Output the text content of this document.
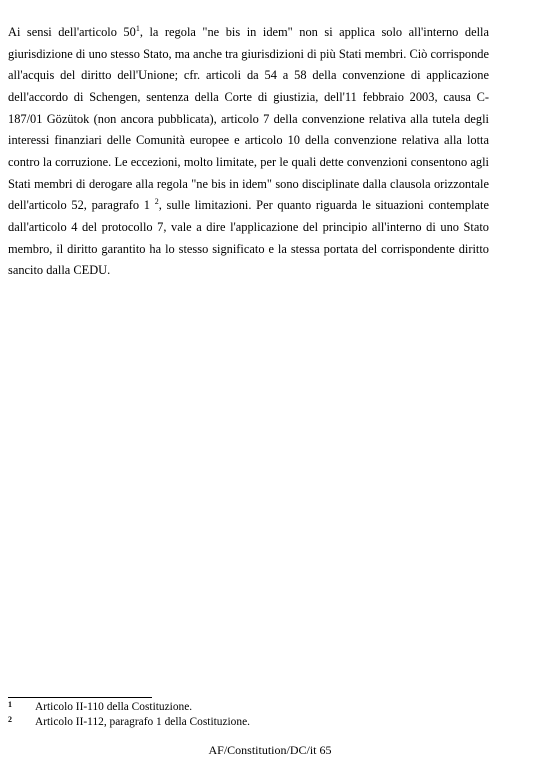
Ai sensi dell'articolo $50^1$, la regola "ne bis in idem" non si applica solo all'interno della giurisdizione di uno stesso Stato, ma anche tra giurisdizioni di più Stati membri. Ciò corrisponde all'acquis del diritto dell'Unione; cfr. articoli da 54 a 58 della convenzione di applicazione dell'accordo di Schengen, sentenza della Corte di giustizia, dell'11 febbraio 2003, causa C-187/01 Gözütok (non ancora pubblicata), articolo 7 della convenzione relativa alla tutela degli interessi finanziari delle Comunità europee e articolo 10 della convenzione relativa alla lotta contro la corruzione. Le eccezioni, molto limitate, per le quali dette convenzioni consentono agli Stati membri di derogare alla regola "ne bis in idem" sono disciplinate dalla clausola orizzontale dell'articolo 52, paragrafo 1 $^2$, sulle limitazioni. Per quanto riguarda le situazioni contemplate dall'articolo 4 del protocollo 7, vale a dire l'applicazione del principio all'interno di uno Stato membro, il diritto garantito ha lo stesso significato e la stessa portata del corrispondente diritto sancito dalla CEDU.

1 Articolo II-110 della Costituzione.
2 Articolo II-112, paragrafo 1 della Costituzione.
AF/Constitution/DC/it 65
